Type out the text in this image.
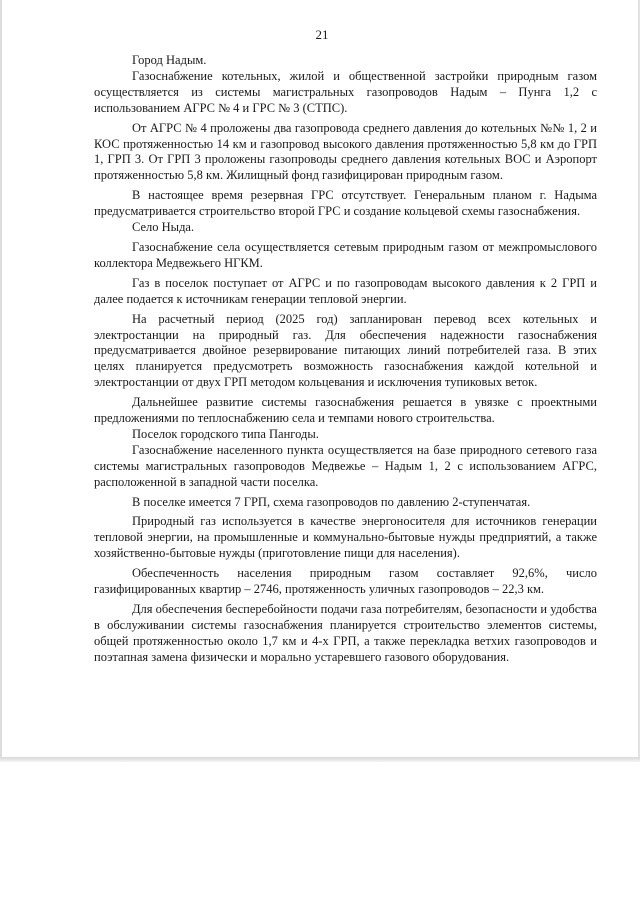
21

Город Надым.

Газоснабжение котельных, жилой и общественной застройки природным газом осуществляется из системы магистральных газопроводов Надым – Пунга 1,2 с использованием АГРС № 4 и ГРС № 3 (СТПС).

От АГРС № 4 проложены два газопровода среднего давления до котельных №№ 1, 2 и КОС протяженностью 14 км и газопровод высокого давления протяженностью 5,8 км до ГРП 1, ГРП 3. От ГРП 3 проложены газопроводы среднего давления котельных ВОС и Аэропорт протяженностью 5,8 км. Жилищный фонд газифицирован природным газом.

В настоящее время резервная ГРС отсутствует. Генеральным планом г. Надыма предусматривается строительство второй ГРС и создание кольцевой схемы газоснабжения.

Село Ныда.

Газоснабжение села осуществляется сетевым природным газом от межпромыслового коллектора Медвежьего НГКМ.

Газ в поселок поступает от АГРС и по газопроводам высокого давления к 2 ГРП и далее подается к источникам генерации тепловой энергии.

На расчетный период (2025 год) запланирован перевод всех котельных и электростанции на природный газ. Для обеспечения надежности газоснабжения предусматривается двойное резервирование питающих линий потребителей газа. В этих целях планируется предусмотреть возможность газоснабжения каждой котельной и электростанции от двух ГРП методом кольцевания и исключения тупиковых веток.

Дальнейшее развитие системы газоснабжения решается в увязке с проектными предложениями по теплоснабжению села и темпами нового строительства.

Поселок городского типа Пангоды.

Газоснабжение населенного пункта осуществляется на базе природного сетевого газа системы магистральных газопроводов Медвежье – Надым 1, 2 с использованием АГРС, расположенной в западной части поселка.

В поселке имеется 7 ГРП, схема газопроводов по давлению 2-ступенчатая.

Природный газ используется в качестве энергоносителя для источников генерации тепловой энергии, на промышленные и коммунально-бытовые нужды предприятий, а также хозяйственно-бытовые нужды (приготовление пищи для населения).

Обеспеченность населения природным газом составляет 92,6%, число газифицированных квартир – 2746, протяженность уличных газопроводов – 22,3 км.

Для обеспечения бесперебойности подачи газа потребителям, безопасности и удобства в обслуживании системы газоснабжения планируется строительство элементов системы, общей протяженностью около 1,7 км и 4-х ГРП, а также перекладка ветхих газопроводов и поэтапная замена физически и морально устаревшего газового оборудования.
